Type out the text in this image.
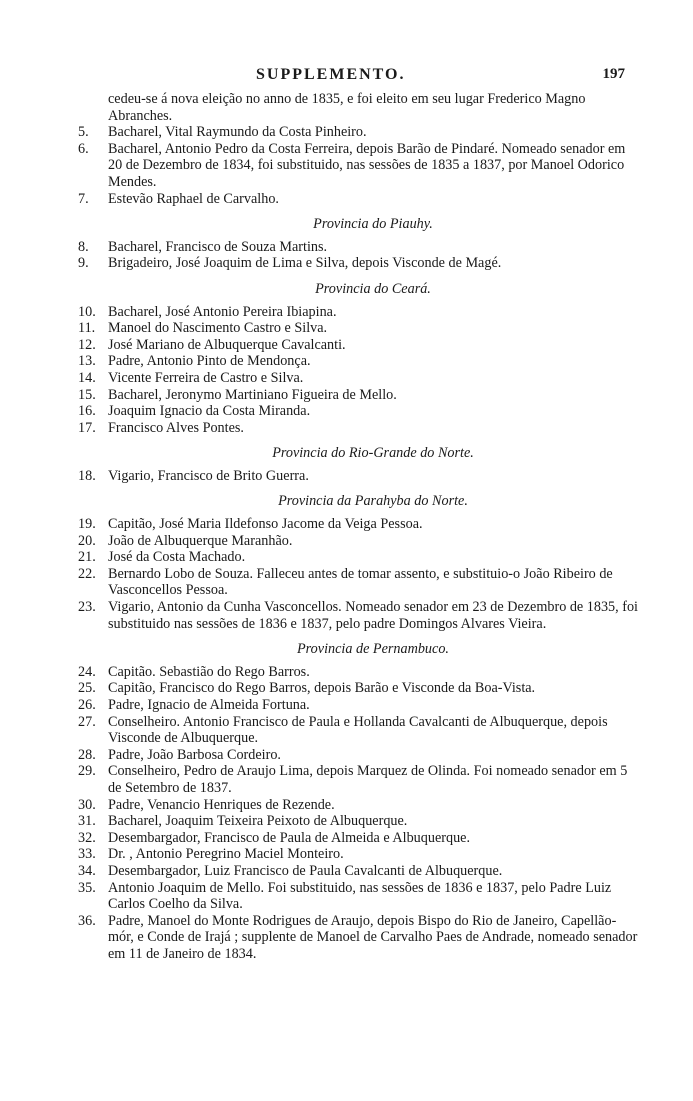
SUPPLEMENTO.	197
cedeu-se á nova eleição no anno de 1835, e foi eleito em seu lugar Frederico Magno Abranches.
5.	Bacharel, Vital Raymundo da Costa Pinheiro.
6.	Bacharel, Antonio Pedro da Costa Ferreira, depois Barão de Pindaré. Nomeado senador em 20 de Dezembro de 1834, foi substituido, nas sessões de 1835 a 1837, por Manoel Odorico Mendes.
7.	Estevão Raphael de Carvalho.
Provincia do Piauhy.
8.	Bacharel, Francisco de Souza Martins.
9.	Brigadeiro, José Joaquim de Lima e Silva, depois Visconde de Magé.
Provincia do Ceará.
10. Bacharel, José Antonio Pereira Ibiapina.
11. Manoel do Nascimento Castro e Silva.
12. José Mariano de Albuquerque Cavalcanti.
13. Padre, Antonio Pinto de Mendonça.
14. Vicente Ferreira de Castro e Silva.
15. Bacharel, Jeronymo Martiniano Figueira de Mello.
16. Joaquim Ignacio da Costa Miranda.
17. Francisco Alves Pontes.
Provincia do Rio-Grande do Norte.
18. Vigario, Francisco de Brito Guerra.
Provincia da Parahyba do Norte.
19. Capitão, José Maria Ildefonso Jacome da Veiga Pessoa.
20. João de Albuquerque Maranhão.
21. José da Costa Machado.
22. Bernardo Lobo de Souza. Falleceu antes de tomar assento, e substituio-o João Ribeiro de Vasconcellos Pessoa.
23. Vigario, Antonio da Cunha Vasconcellos. Nomeado senador em 23 de Dezembro de 1835, foi substituido nas sessões de 1836 e 1837, pelo padre Domingos Alvares Vieira.
Provincia de Pernambuco.
24. Capitão. Sebastião do Rego Barros.
25. Capitão, Francisco do Rego Barros, depois Barão e Visconde da Boa-Vista.
26. Padre, Ignacio de Almeida Fortuna.
27. Conselheiro. Antonio Francisco de Paula e Hollanda Cavalcanti de Albuquerque, depois Visconde de Albuquerque.
28. Padre, João Barbosa Cordeiro.
29. Conselheiro, Pedro de Araujo Lima, depois Marquez de Olinda. Foi nomeado senador em 5 de Setembro de 1837.
30. Padre, Venancio Henriques de Rezende.
31. Bacharel, Joaquim Teixeira Peixoto de Albuquerque.
32. Desembargador, Francisco de Paula de Almeida e Albuquerque.
33. Dr. , Antonio Peregrino Maciel Monteiro.
34. Desembargador, Luiz Francisco de Paula Cavalcanti de Albuquerque.
35. Antonio Joaquim de Mello. Foi substituido, nas sessões de 1836 e 1837, pelo Padre Luiz Carlos Coelho da Silva.
36. Padre, Manoel do Monte Rodrigues de Araujo, depois Bispo do Rio de Janeiro, Capellão-mór, e Conde de Irajá ; supplente de Manoel de Carvalho Paes de Andrade, nomeado senador em 11 de Janeiro de 1834.
